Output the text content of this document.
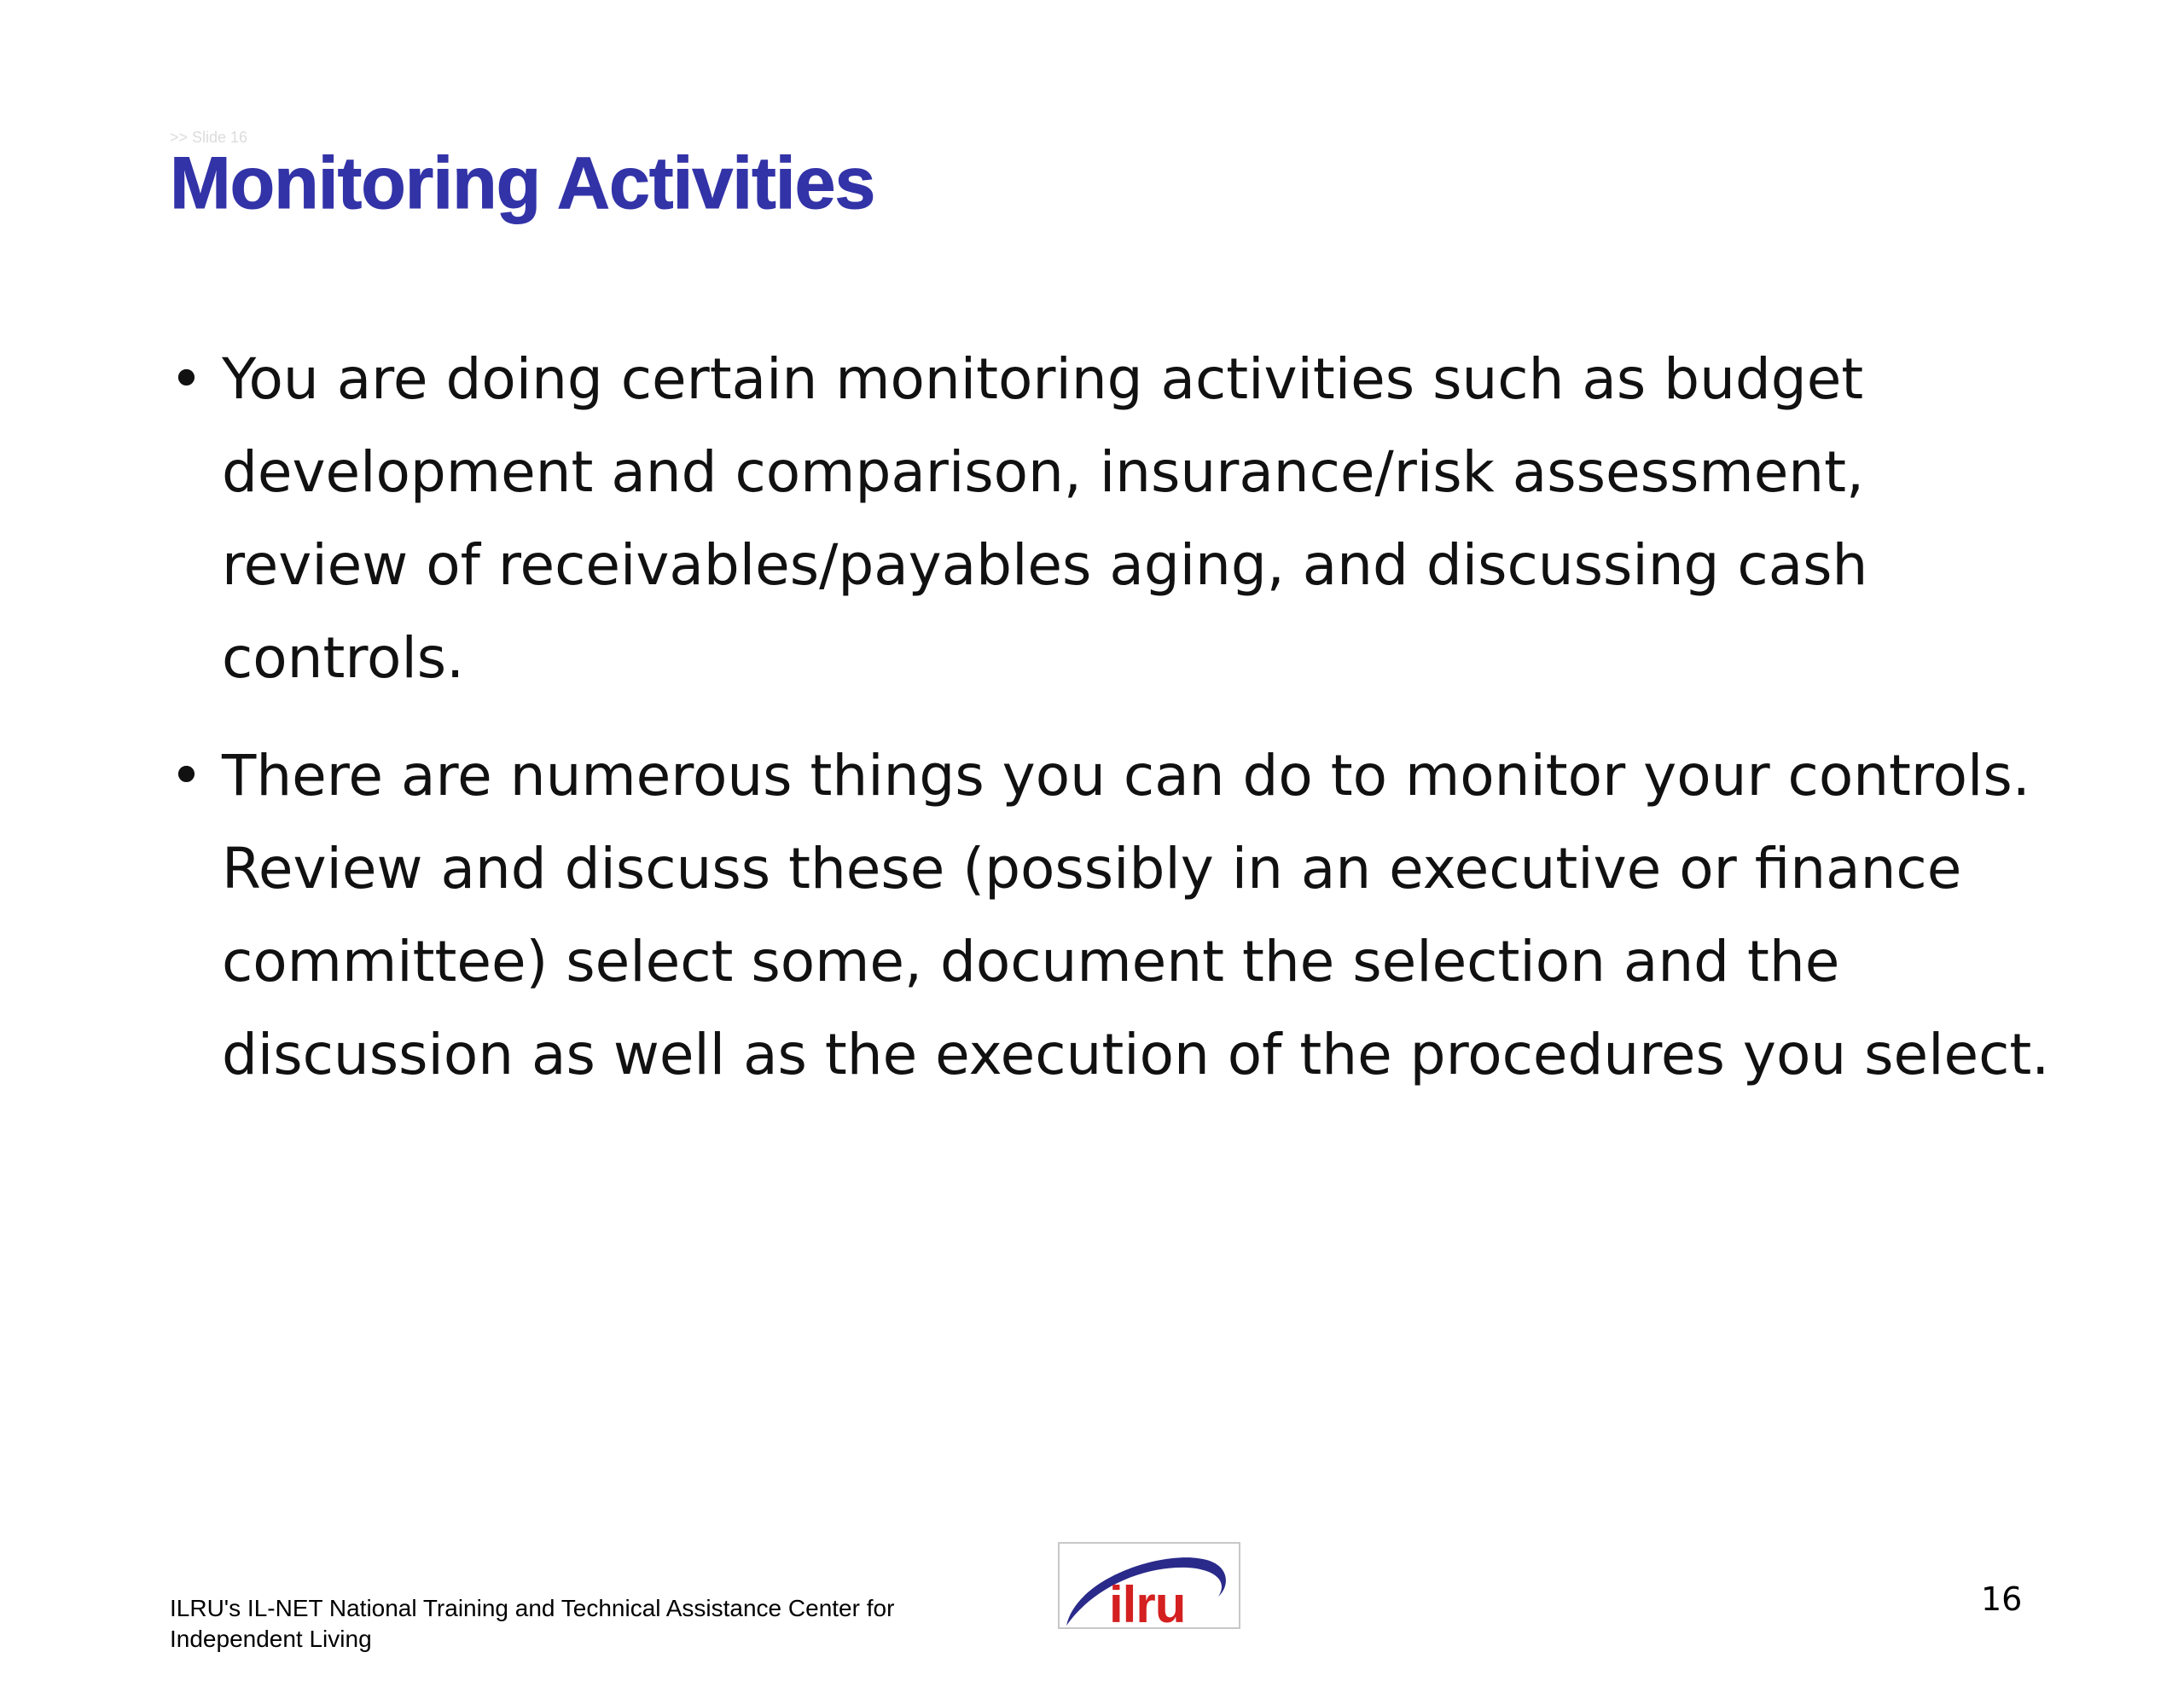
>> Slide 16
Monitoring Activities
• You are doing certain monitoring activities such as budget development and comparison, insurance/risk assessment, review of receivables/payables aging, and discussing cash controls.
• There are numerous things you can do to monitor your controls. Review and discuss these (possibly in an executive or finance committee) select some, document the selection and the discussion as well as the execution of the procedures you select.
ILRU's IL-NET National Training and Technical Assistance Center for
Independent Living
ilru	16
